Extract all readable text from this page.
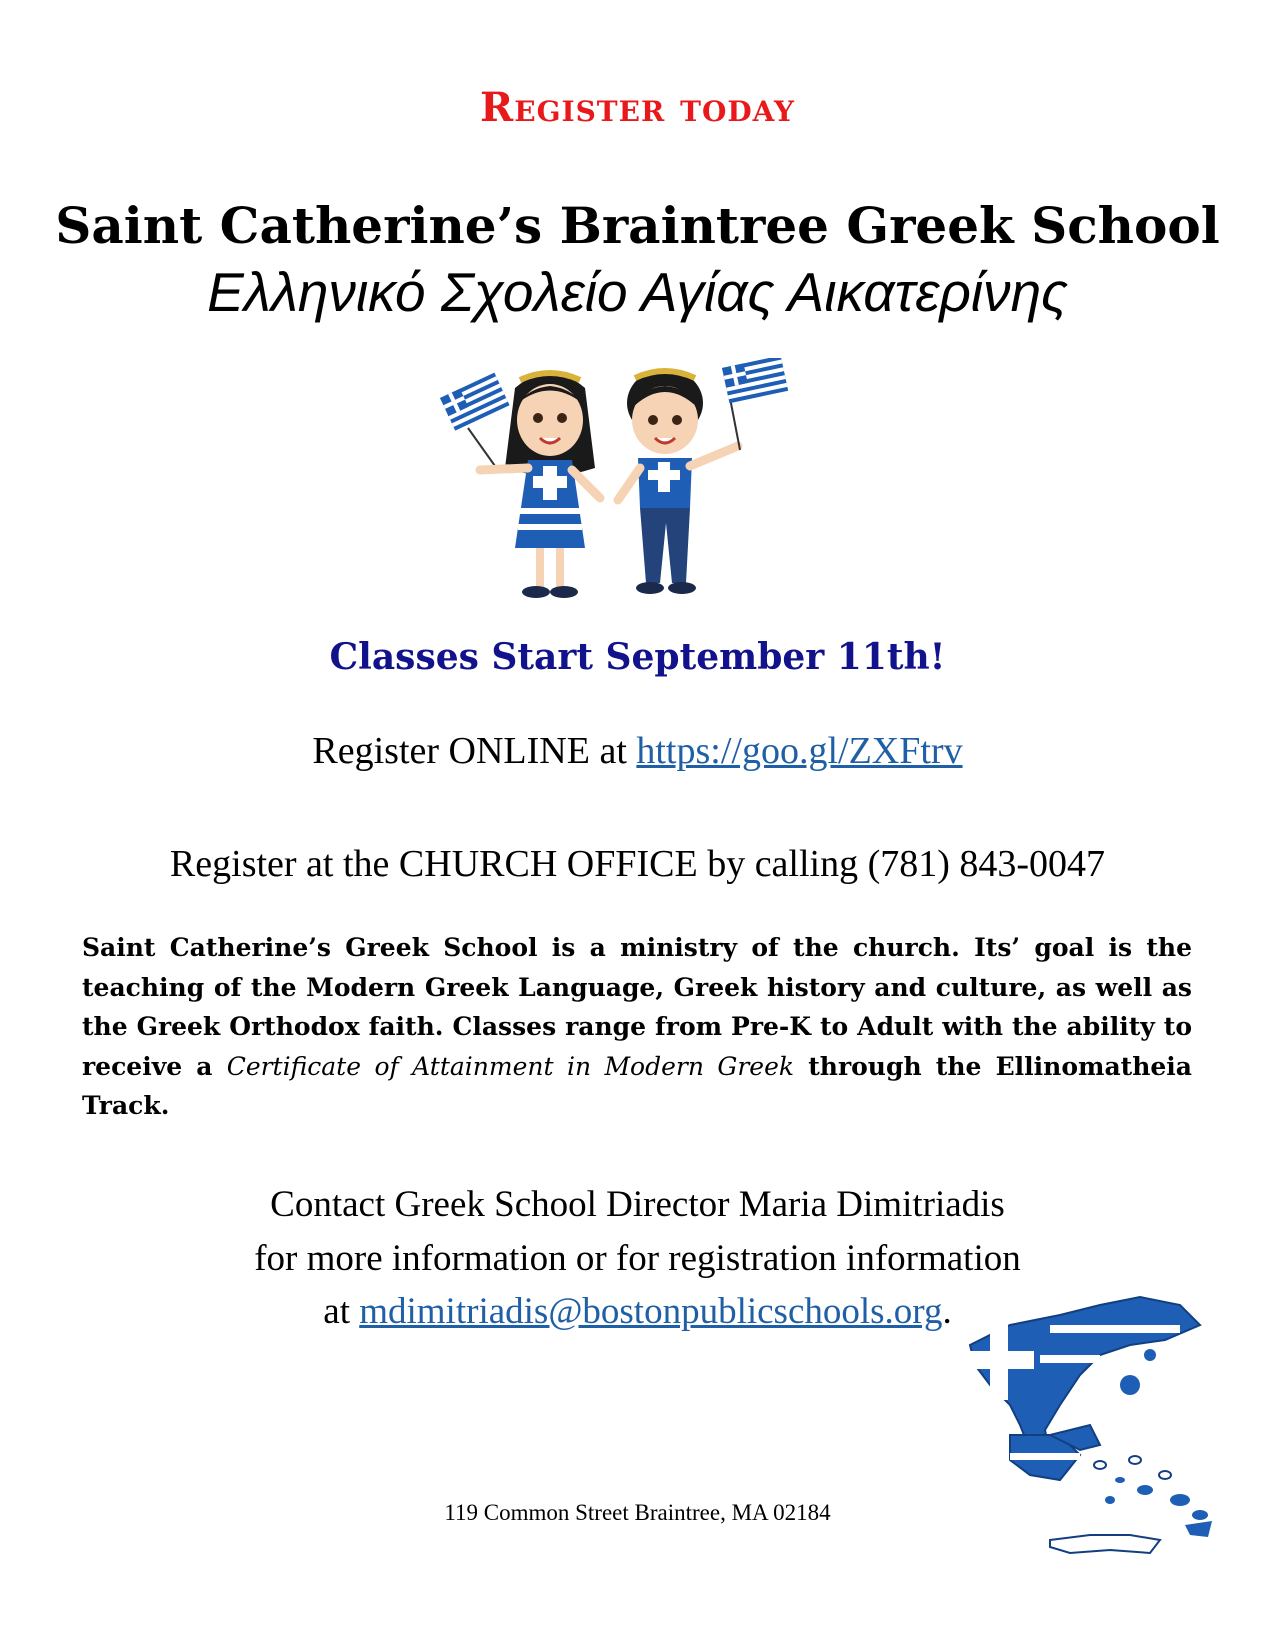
Register today
Saint Catherine’s Braintree Greek School
Ελληνικό Σχολείο Αγίας Αικατερίνης
Classes Start September 11th!
Register ONLINE at https://goo.gl/ZXFtrv
Register at the CHURCH OFFICE by calling (781) 843-0047
Saint Catherine’s Greek School is a ministry of the church. Its’ goal is the teaching of the Modern Greek Language, Greek history and culture, as well as the Greek Orthodox faith. Classes range from Pre-K to Adult with the ability to receive a Certificate of Attainment in Modern Greek through the Ellinomatheia Track.
Contact Greek School Director Maria Dimitriadis
for more information or for registration information
at mdimitriadis@bostonpublicschools.org.
119 Common Street Braintree, MA 02184
